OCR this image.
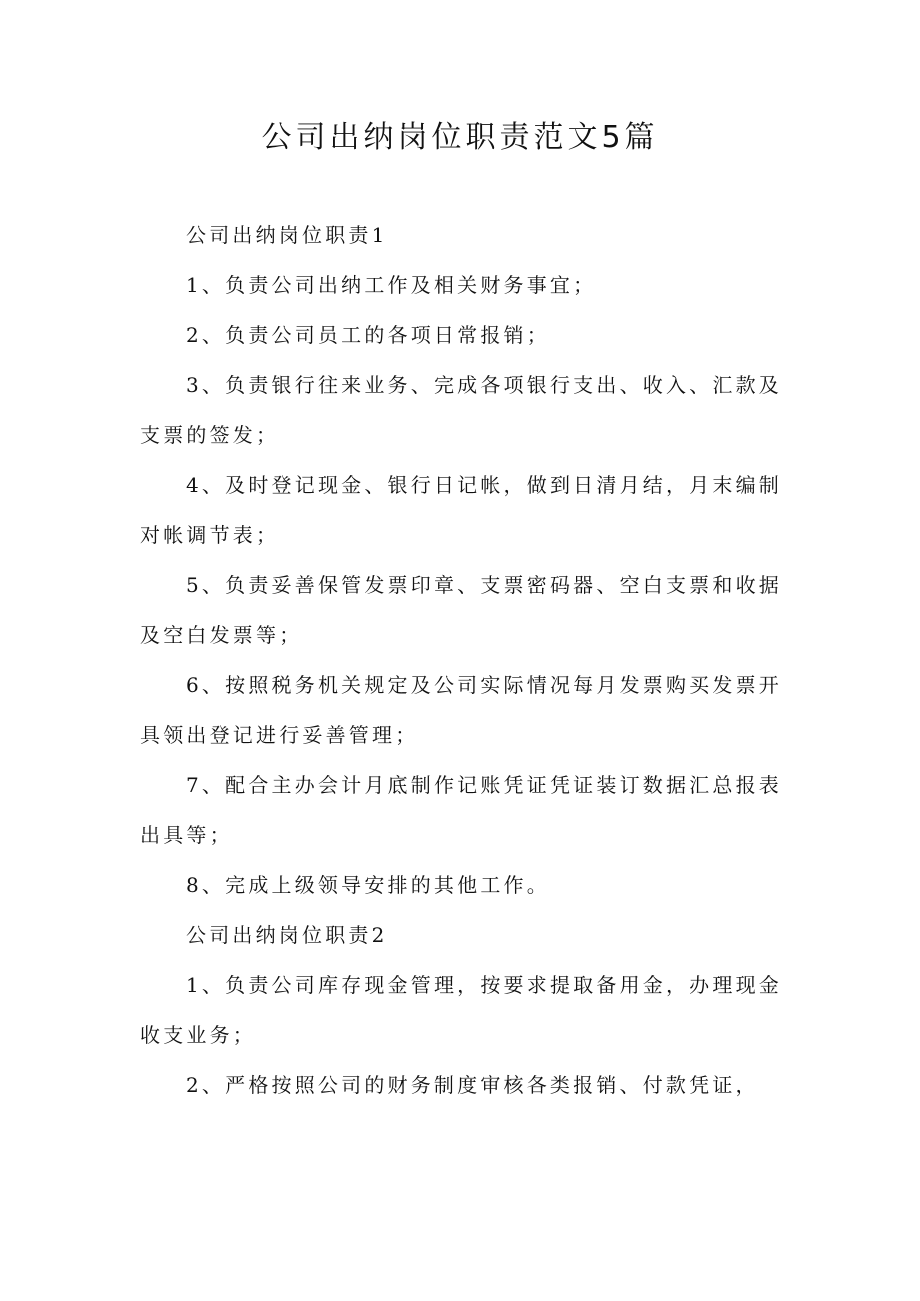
公司出纳岗位职责范文5篇

公司出纳岗位职责1

1、负责公司出纳工作及相关财务事宜；

2、负责公司员工的各项日常报销；

3、负责银行往来业务、完成各项银行支出、收入、汇款及支票的签发；

4、及时登记现金、银行日记帐，做到日清月结，月末编制对帐调节表；

5、负责妥善保管发票印章、支票密码器、空白支票和收据及空白发票等；

6、按照税务机关规定及公司实际情况每月发票购买发票开具领出登记进行妥善管理；

7、配合主办会计月底制作记账凭证凭证装订数据汇总报表出具等；

8、完成上级领导安排的其他工作。

公司出纳岗位职责2

1、负责公司库存现金管理，按要求提取备用金，办理现金收支业务；

2、严格按照公司的财务制度审核各类报销、付款凭证，
